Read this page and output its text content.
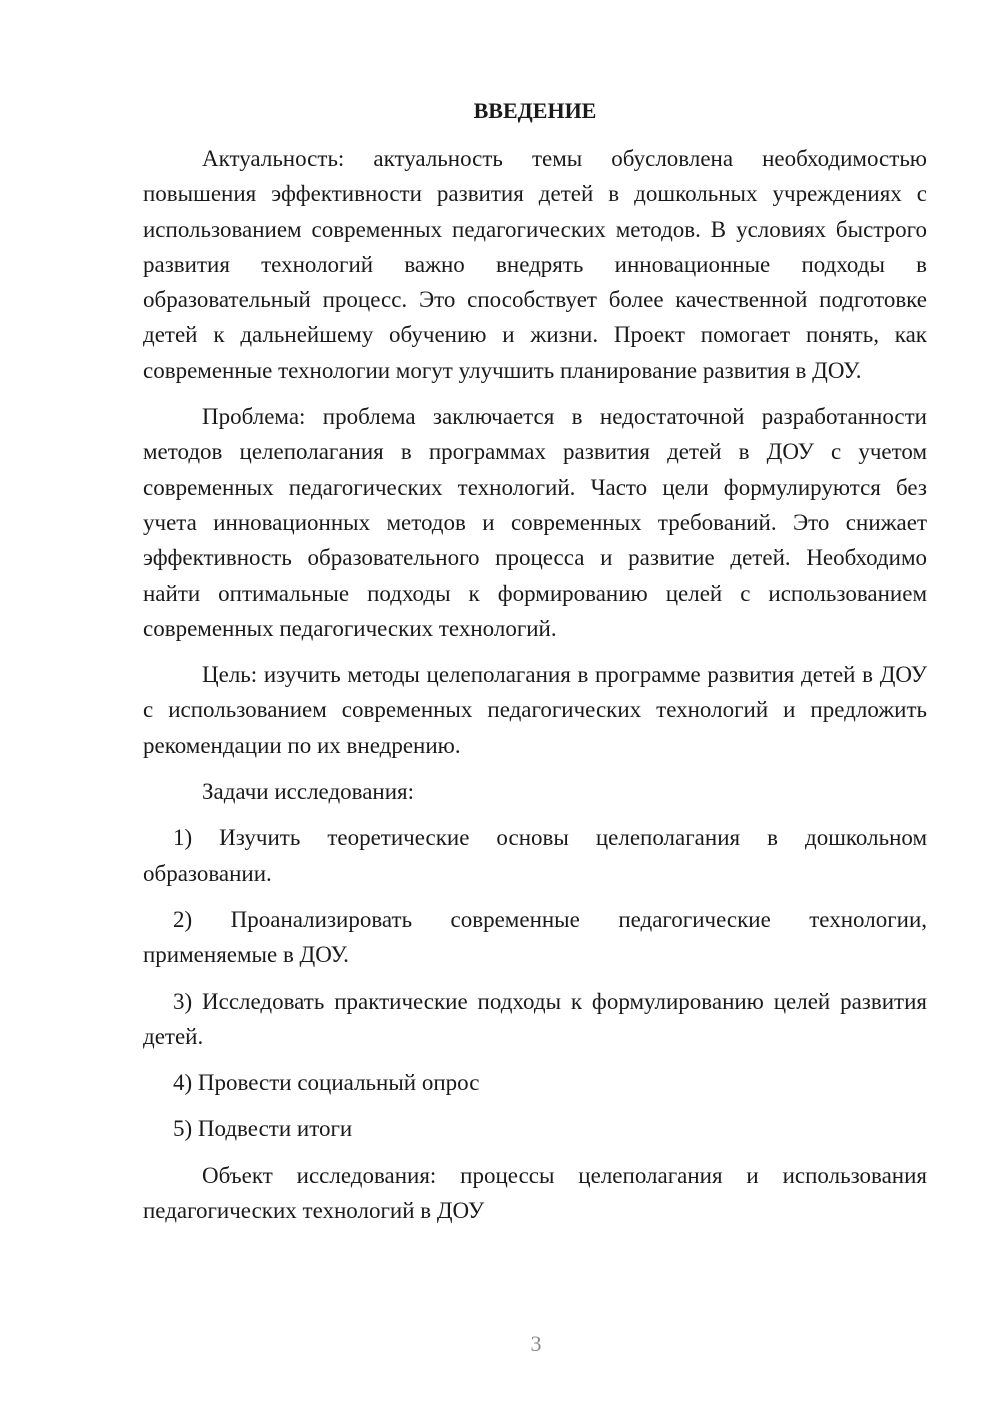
ВВЕДЕНИЕ

Актуальность: актуальность темы обусловлена необходимостью повышения эффективности развития детей в дошкольных учреждениях с использованием современных педагогических методов. В условиях быстрого развития технологий важно внедрять инновационные подходы в образовательный процесс. Это способствует более качественной подготовке детей к дальнейшему обучению и жизни. Проект помогает понять, как современные технологии могут улучшить планирование развития в ДОУ.

Проблема: проблема заключается в недостаточной разработанности методов целеполагания в программах развития детей в ДОУ с учетом современных педагогических технологий. Часто цели формулируются без учета инновационных методов и современных требований. Это снижает эффективность образовательного процесса и развитие детей. Необходимо найти оптимальные подходы к формированию целей с использованием современных педагогических технологий.

Цель: изучить методы целеполагания в программе развития детей в ДОУ с использованием современных педагогических технологий и предложить рекомендации по их внедрению.

Задачи исследования:

1) Изучить теоретические основы целеполагания в дошкольном образовании.

2) Проанализировать современные педагогические технологии, применяемые в ДОУ.

3) Исследовать практические подходы к формулированию целей развития детей.

4) Провести социальный опрос

5) Подвести итоги

Объект исследования: процессы целеполагания и использования педагогических технологий в ДОУ

3
